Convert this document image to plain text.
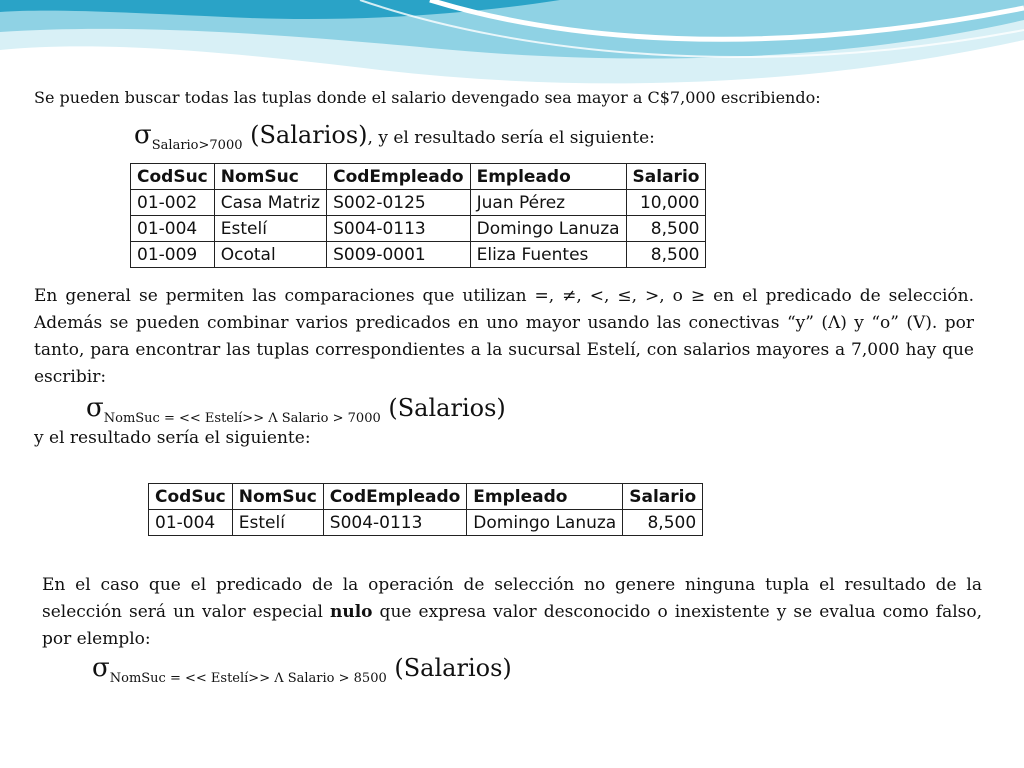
Se pueden buscar todas las tuplas donde el salario devengado sea mayor a C$7,000 escribiendo:
$\sigma_{Salario>7000}$ (Salarios), y el resultado sería el siguiente:
CodSuc	NomSuc	CodEmpleado	Empleado	Salario
01-002	Casa Matriz	S002-0125	Juan Pérez	10,000
01-004	Estelí	S004-0113	Domingo Lanuza	8,500
01-009	Ocotal	S009-0001	Eliza Fuentes	8,500
En general se permiten las comparaciones que utilizan =, ≠, <, ≤, >, o ≥ en el predicado de selección. Además se pueden combinar varios predicados en uno mayor usando las conectivas “y” (Λ) y “o” (V). por tanto, para encontrar las tuplas correspondientes a la sucursal Estelí, con salarios mayores a 7,000 hay que escribir:
$\sigma_{NomSuc = << Estelí>> \Lambda Salario > 7000}$ (Salarios)
y el resultado sería el siguiente:
CodSuc	NomSuc	CodEmpleado	Empleado	Salario
01-004	Estelí	S004-0113	Domingo Lanuza	8,500
En el caso que el predicado de la operación de selección no genere ninguna tupla el resultado de la selección será un valor especial nulo que expresa valor desconocido o inexistente y se evalua como falso, por elemplo:
$\sigma_{NomSuc = << Estelí>> \Lambda Salario > 8500}$ (Salarios)
